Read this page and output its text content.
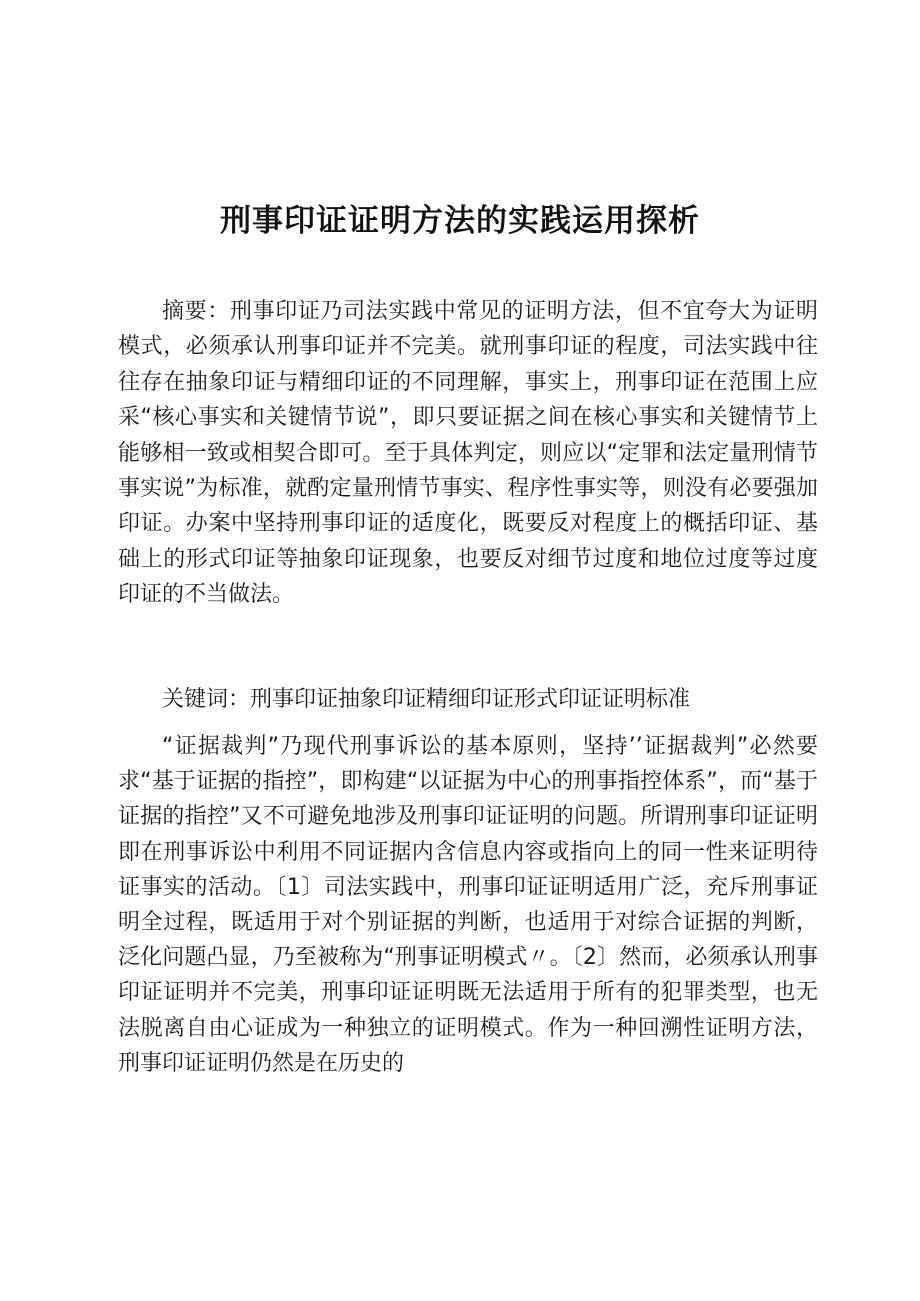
刑事印证证明方法的实践运用探析

摘要：刑事印证乃司法实践中常见的证明方法，但不宜夸大为证明模式，必须承认刑事印证并不完美。就刑事印证的程度，司法实践中往往存在抽象印证与精细印证的不同理解，事实上，刑事印证在范围上应采“核心事实和关键情节说”，即只要证据之间在核心事实和关键情节上能够相一致或相契合即可。至于具体判定，则应以“定罪和法定量刑情节事实说”为标准，就酌定量刑情节事实、程序性事实等，则没有必要强加印证。办案中坚持刑事印证的适度化，既要反对程度上的概括印证、基础上的形式印证等抽象印证现象，也要反对细节过度和地位过度等过度印证的不当做法。

关键词：刑事印证抽象印证精细印证形式印证证明标准

“证据裁判”乃现代刑事诉讼的基本原则，坚持’’证据裁判”必然要求“基于证据的指控”，即构建“以证据为中心的刑事指控体系”，而“基于证据的指控”又不可避免地涉及刑事印证证明的问题。所谓刑事印证证明即在刑事诉讼中利用不同证据内含信息内容或指向上的同一性来证明待证事实的活动。〔1〕司法实践中，刑事印证证明适用广泛，充斥刑事证明全过程，既适用于对个别证据的判断，也适用于对综合证据的判断，泛化问题凸显，乃至被称为“刑事证明模式〃。〔2〕然而，必须承认刑事印证证明并不完美，刑事印证证明既无法适用于所有的犯罪类型，也无法脱离自由心证成为一种独立的证明模式。作为一种回溯性证明方法，刑事印证证明仍然是在历史的
